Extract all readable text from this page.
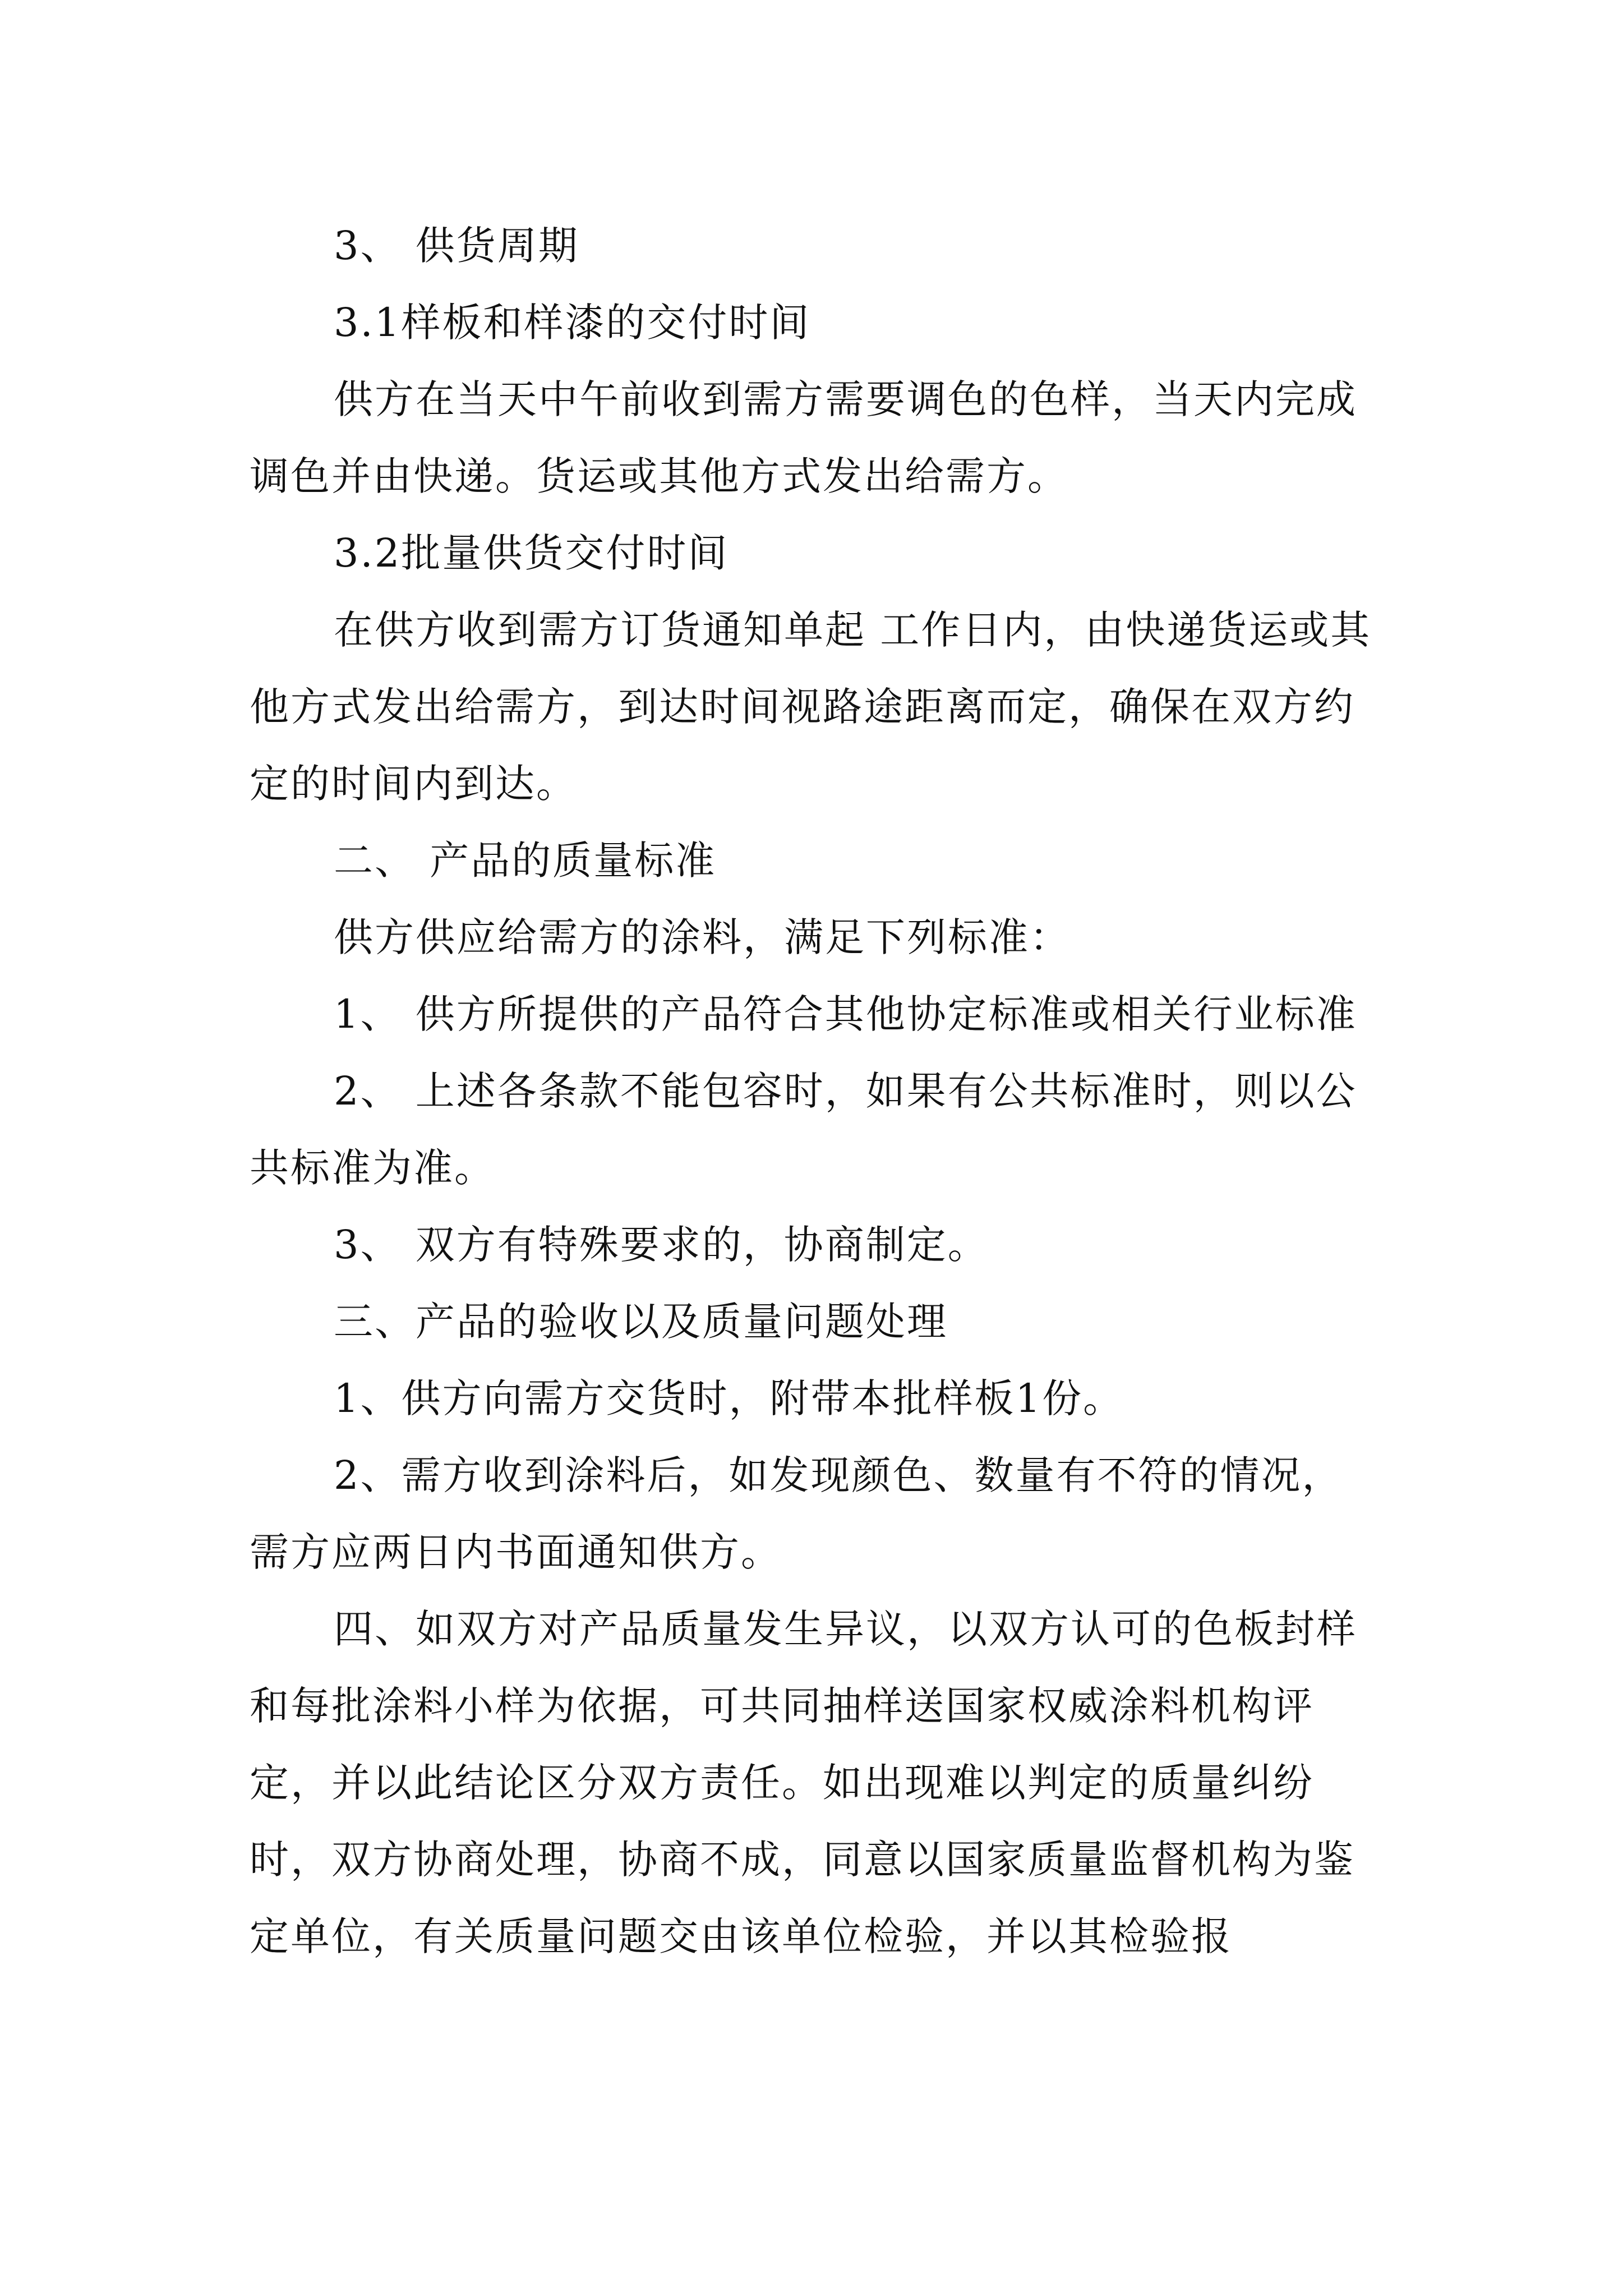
3、 供货周期

3.1样板和样漆的交付时间

供方在当天中午前收到需方需要调色的色样，当天内完成调色并由快递。货运或其他方式发出给需方。

3.2批量供货交付时间

在供方收到需方订货通知单起 工作日内，由快递货运或其他方式发出给需方，到达时间视路途距离而定，确保在双方约定的时间内到达。

二、 产品的质量标准

供方供应给需方的涂料，满足下列标准：

1、 供方所提供的产品符合其他协定标准或相关行业标准

2、 上述各条款不能包容时，如果有公共标准时，则以公共标准为准。

3、 双方有特殊要求的，协商制定。

三、产品的验收以及质量问题处理

1、供方向需方交货时，附带本批样板1份。

2、需方收到涂料后，如发现颜色、数量有不符的情况，需方应两日内书面通知供方。

四、如双方对产品质量发生异议，以双方认可的色板封样和每批涂料小样为依据，可共同抽样送国家权威涂料机构评定，并以此结论区分双方责任。如出现难以判定的质量纠纷时，双方协商处理，协商不成，同意以国家质量监督机构为鉴定单位，有关质量问题交由该单位检验，并以其检验报
